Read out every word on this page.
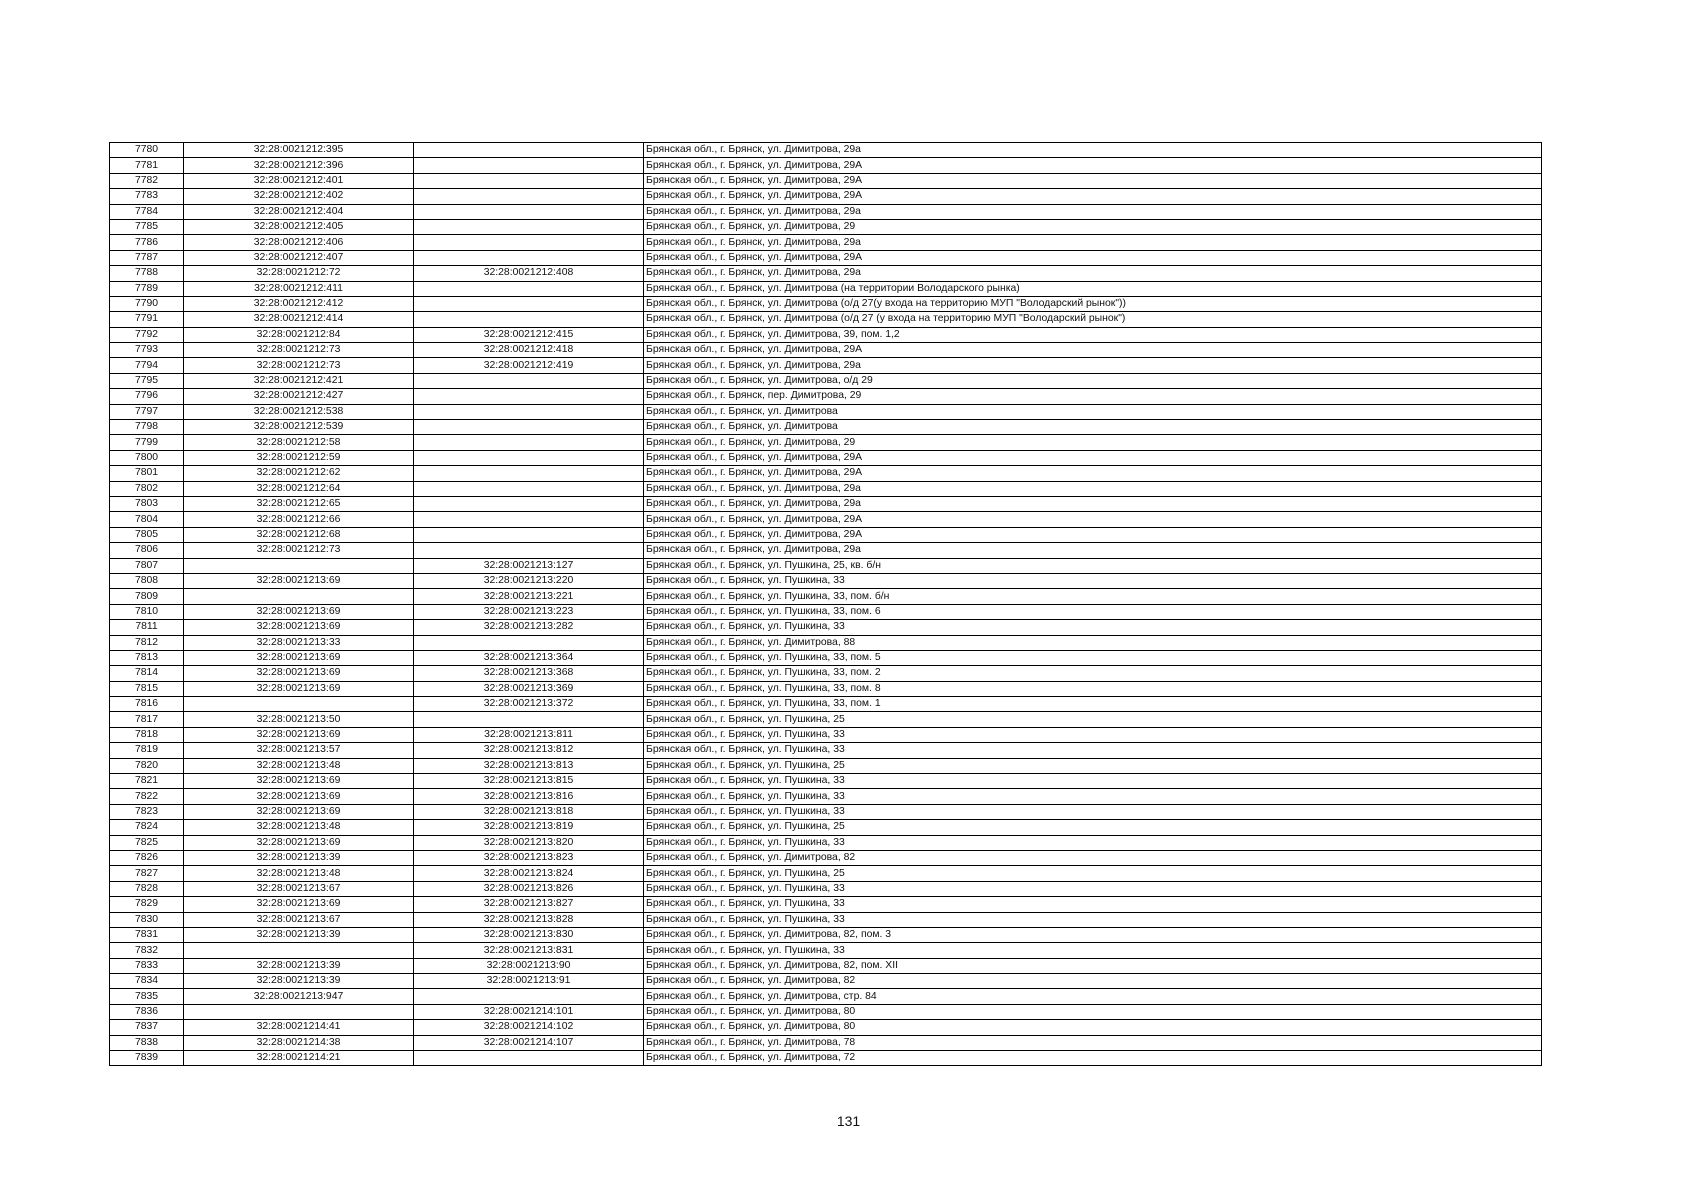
7780	32:28:0021212:395		Брянская обл., г. Брянск, ул. Димитрова, 29а
7781	32:28:0021212:396		Брянская обл., г. Брянск, ул. Димитрова, 29А
7782	32:28:0021212:401		Брянская обл., г. Брянск, ул. Димитрова, 29А
7783	32:28:0021212:402		Брянская обл., г. Брянск, ул. Димитрова, 29А
7784	32:28:0021212:404		Брянская обл., г. Брянск, ул. Димитрова, 29а
7785	32:28:0021212:405		Брянская обл., г. Брянск, ул. Димитрова, 29
7786	32:28:0021212:406		Брянская обл., г. Брянск, ул. Димитрова, 29а
7787	32:28:0021212:407		Брянская обл., г. Брянск, ул. Димитрова, 29А
7788	32:28:0021212:72	32:28:0021212:408	Брянская обл., г. Брянск, ул. Димитрова, 29а
7789	32:28:0021212:411		Брянская обл., г. Брянск, ул. Димитрова (на территории Володарского рынка)
7790	32:28:0021212:412		Брянская обл., г. Брянск, ул. Димитрова (о/д 27(у входа на территорию МУП "Володарский рынок"))
7791	32:28:0021212:414		Брянская обл., г. Брянск, ул. Димитрова (о/д 27 (у входа на территорию МУП "Володарский рынок")
7792	32:28:0021212:84	32:28:0021212:415	Брянская обл., г. Брянск, ул. Димитрова, 39, пом. 1,2
7793	32:28:0021212:73	32:28:0021212:418	Брянская обл., г. Брянск, ул. Димитрова, 29А
7794	32:28:0021212:73	32:28:0021212:419	Брянская обл., г. Брянск, ул. Димитрова, 29а
7795	32:28:0021212:421		Брянская обл., г. Брянск, ул. Димитрова, о/д 29
7796	32:28:0021212:427		Брянская обл., г. Брянск, пер. Димитрова, 29
7797	32:28:0021212:538		Брянская обл., г. Брянск, ул. Димитрова
7798	32:28:0021212:539		Брянская обл., г. Брянск, ул. Димитрова
7799	32:28:0021212:58		Брянская обл., г. Брянск, ул. Димитрова, 29
7800	32:28:0021212:59		Брянская обл., г. Брянск, ул. Димитрова, 29А
7801	32:28:0021212:62		Брянская обл., г. Брянск, ул. Димитрова, 29А
7802	32:28:0021212:64		Брянская обл., г. Брянск, ул. Димитрова, 29а
7803	32:28:0021212:65		Брянская обл., г. Брянск, ул. Димитрова, 29а
7804	32:28:0021212:66		Брянская обл., г. Брянск, ул. Димитрова, 29А
7805	32:28:0021212:68		Брянская обл., г. Брянск, ул. Димитрова, 29А
7806	32:28:0021212:73		Брянская обл., г. Брянск, ул. Димитрова, 29а
7807		32:28:0021213:127	Брянская обл., г. Брянск, ул. Пушкина, 25, кв. б/н
7808	32:28:0021213:69	32:28:0021213:220	Брянская обл., г. Брянск, ул. Пушкина, 33
7809		32:28:0021213:221	Брянская обл., г. Брянск, ул. Пушкина, 33, пом. б/н
7810	32:28:0021213:69	32:28:0021213:223	Брянская обл., г. Брянск, ул. Пушкина, 33, пом. 6
7811	32:28:0021213:69	32:28:0021213:282	Брянская обл., г. Брянск, ул. Пушкина, 33
7812	32:28:0021213:33		Брянская обл., г. Брянск, ул. Димитрова, 88
7813	32:28:0021213:69	32:28:0021213:364	Брянская обл., г. Брянск, ул. Пушкина, 33, пом. 5
7814	32:28:0021213:69	32:28:0021213:368	Брянская обл., г. Брянск, ул. Пушкина, 33, пом. 2
7815	32:28:0021213:69	32:28:0021213:369	Брянская обл., г. Брянск, ул. Пушкина, 33, пом. 8
7816		32:28:0021213:372	Брянская обл., г. Брянск, ул. Пушкина, 33, пом. 1
7817	32:28:0021213:50		Брянская обл., г. Брянск, ул. Пушкина, 25
7818	32:28:0021213:69	32:28:0021213:811	Брянская обл., г. Брянск, ул. Пушкина, 33
7819	32:28:0021213:57	32:28:0021213:812	Брянская обл., г. Брянск, ул. Пушкина, 33
7820	32:28:0021213:48	32:28:0021213:813	Брянская обл., г. Брянск, ул. Пушкина, 25
7821	32:28:0021213:69	32:28:0021213:815	Брянская обл., г. Брянск, ул. Пушкина, 33
7822	32:28:0021213:69	32:28:0021213:816	Брянская обл., г. Брянск, ул. Пушкина, 33
7823	32:28:0021213:69	32:28:0021213:818	Брянская обл., г. Брянск, ул. Пушкина, 33
7824	32:28:0021213:48	32:28:0021213:819	Брянская обл., г. Брянск, ул. Пушкина, 25
7825	32:28:0021213:69	32:28:0021213:820	Брянская обл., г. Брянск, ул. Пушкина, 33
7826	32:28:0021213:39	32:28:0021213:823	Брянская обл., г. Брянск, ул. Димитрова, 82
7827	32:28:0021213:48	32:28:0021213:824	Брянская обл., г. Брянск, ул. Пушкина, 25
7828	32:28:0021213:67	32:28:0021213:826	Брянская обл., г. Брянск, ул. Пушкина, 33
7829	32:28:0021213:69	32:28:0021213:827	Брянская обл., г. Брянск, ул. Пушкина, 33
7830	32:28:0021213:67	32:28:0021213:828	Брянская обл., г. Брянск, ул. Пушкина, 33
7831	32:28:0021213:39	32:28:0021213:830	Брянская обл., г. Брянск, ул. Димитрова, 82, пом. 3
7832		32:28:0021213:831	Брянская обл., г. Брянск, ул. Пушкина, 33
7833	32:28:0021213:39	32:28:0021213:90	Брянская обл., г. Брянск, ул. Димитрова, 82, пом. XII
7834	32:28:0021213:39	32:28:0021213:91	Брянская обл., г. Брянск, ул. Димитрова, 82
7835	32:28:0021213:947		Брянская обл., г. Брянск, ул. Димитрова, стр. 84
7836		32:28:0021214:101	Брянская обл., г. Брянск, ул. Димитрова, 80
7837	32:28:0021214:41	32:28:0021214:102	Брянская обл., г. Брянск, ул. Димитрова, 80
7838	32:28:0021214:38	32:28:0021214:107	Брянская обл., г. Брянск, ул. Димитрова, 78
7839	32:28:0021214:21		Брянская обл., г. Брянск, ул. Димитрова, 72
131
